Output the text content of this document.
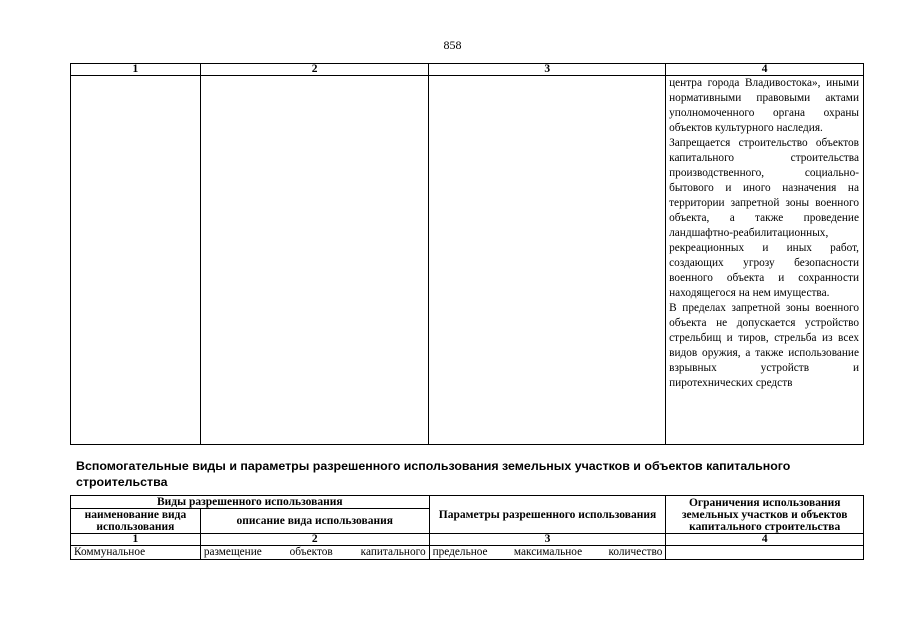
858
1	2	3	4

			центра города Владивостока», иными нормативными правовыми актами уполномоченного органа охраны объектов культурного наследия.

Запрещается строительство объектов капитального строительства производственного, социально-бытового и иного назначения на территории запретной зоны военного объекта, а также проведение ландшафтно-реабилитационных, рекреационных и иных работ, создающих угрозу безопасности военного объекта и сохранности находящегося на нем имущества.

В пределах запретной зоны военного объекта не допускается устройство стрельбищ и тиров, стрельба из всех видов оружия, а также использование взрывных устройств и пиротехнических средств

Вспомогательные виды и параметры разрешенного использования земельных участков и объектов капитального строительства
Виды разрешенного использования		Параметры разрешенного использования	Ограничения использования земельных участков и объектов капитального строительства
наименование вида использования	описание вида использования		
1	2	3	4
Коммунальное	размещение объектов капитального	предельное максимальное количество	
